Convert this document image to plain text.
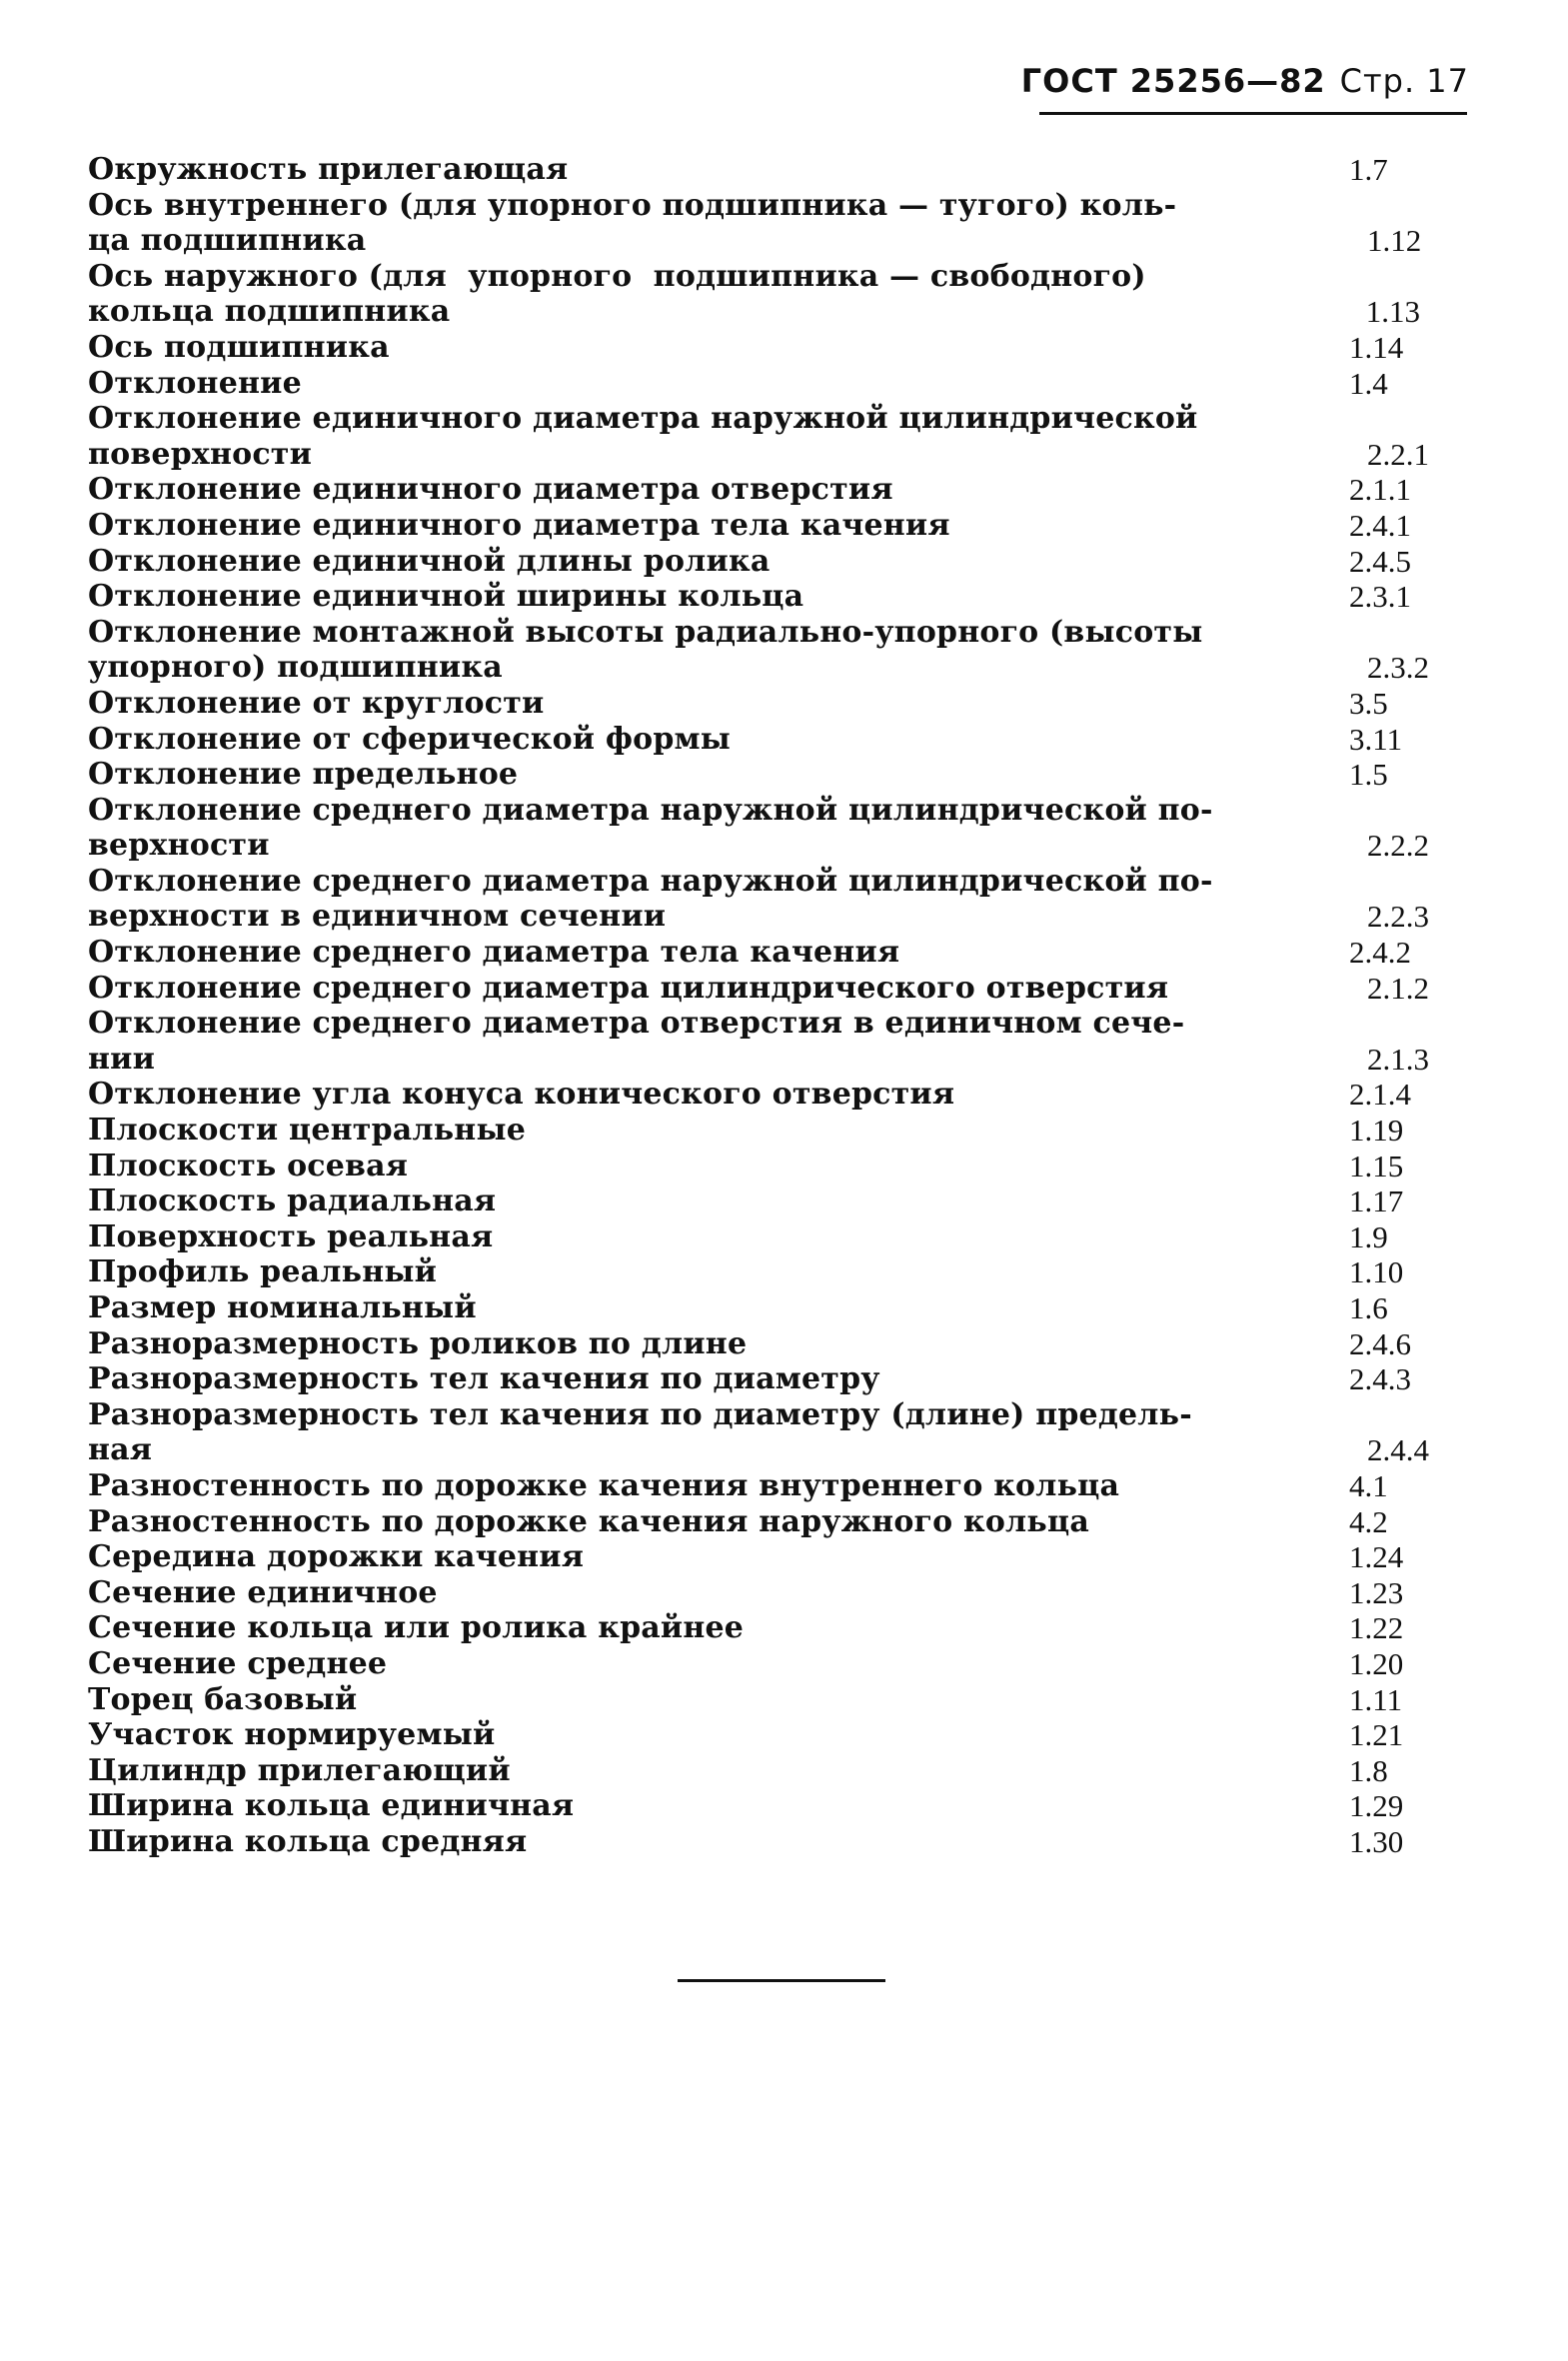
ГОСТ 25256—82 Стр. 17
Окружность прилегающая	1.7
Ось внутреннего (для упорного подшипника — тугого) коль-
ца подшипника	1.12
Ось наружного (для  упорного  подшипника — свободного)
кольца подшипника	1.13
Ось подшипника	1.14
Отклонение	1.4
Отклонение единичного диаметра наружной цилиндрической
поверхности	2.2.1
Отклонение единичного диаметра отверстия	2.1.1
Отклонение единичного диаметра тела качения	2.4.1
Отклонение единичной длины ролика	2.4.5
Отклонение единичной ширины кольца	2.3.1
Отклонение монтажной высоты радиально-упорного (высоты
упорного) подшипника	2.3.2
Отклонение от круглости	3.5
Отклонение от сферической формы	3.11
Отклонение предельное	1.5
Отклонение среднего диаметра наружной цилиндрической по-
верхности	2.2.2
Отклонение среднего диаметра наружной цилиндрической по-
верхности в единичном сечении	2.2.3
Отклонение среднего диаметра тела качения	2.4.2
Отклонение среднего диаметра цилиндрического отверстия	2.1.2
Отклонение среднего диаметра отверстия в единичном сече-
нии	2.1.3
Отклонение угла конуса конического отверстия	2.1.4
Плоскости центральные	1.19
Плоскость осевая	1.15
Плоскость радиальная	1.17
Поверхность реальная	1.9
Профиль реальный	1.10
Размер номинальный	1.6
Разноразмерность роликов по длине	2.4.6
Разноразмерность тел качения по диаметру	2.4.3
Разноразмерность тел качения по диаметру (длине) предель-
ная	2.4.4
Разностенность по дорожке качения внутреннего кольца	4.1
Разностенность по дорожке качения наружного кольца	4.2
Середина дорожки качения	1.24
Сечение единичное	1.23
Сечение кольца или ролика крайнее	1.22
Сечение среднее	1.20
Торец базовый	1.11
Участок нормируемый	1.21
Цилиндр прилегающий	1.8
Ширина кольца единичная	1.29
Ширина кольца средняя	1.30
